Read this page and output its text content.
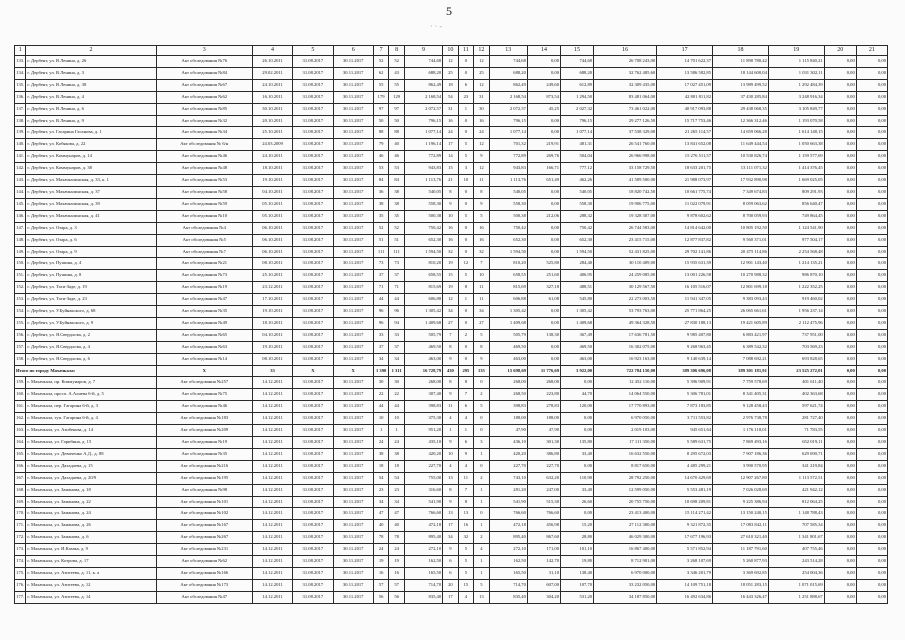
5
· · -
1	2	3	4	5	6	7	8	9	10	11	12	13	14	15	16	17	18	19	20	21
133.	г. Дербент, ул. В.Ленина, д. 26	Акт обследования №76	26.10.2011	31.08.2017	30.11.2017	52	52	744,68	12	0	12	744,68	0,00	744,68	26 708 243,00	14 701 622,37	11 890 780,42	1 115 840,21	0,00	0,00
134.	г. Дербент, ул. В.Ленина, д. 3	Акт обследования №84	29.02.2011	31.08.2017	30.11.2017	62	43	688,20	25	0	25	688,20	0,00	688,20	32 762 485,60	13 586 582,85	18 144 600,04	1 031 302,11	0,00	0,00
135.	г. Дербент, ул. В.Ленина, д. 38	Акт обследования №67	24.10.2011	31.08.2017	30.11.2017	55	55	862,49	18	6	12	862,49	249,60	612,89	32 309 435,00	17 027 451,09	13 989 499,52	1 292 484,39	0,00	0,00
136.	г. Дербент, ул. В.Ленина, д. 4	Акт обследования №62	16.10.2011	31.08.2017	30.11.2017	179	129	2 168,54	54	23	31	2 168,54	873,54	1 294,50	83 481 064,00	42 801 811,82	37 430 285,84	3 248 916,34	0,00	0,00
137.	г. Дербент, ул. В.Ленина, д. 6	Акт обследования №85	30.10.2011	31.08.2017	30.11.2017	97	97	2 072,57	31	1	30	2 072,57	45,25	2 027,32	73 461 022,00	40 917 093,88	29 438 068,35	3 105 849,77	0,00	0,00
138.	г. Дербент, ул. В.Ленина, д. 9	Акт обследования №32	20.10.2011	31.08.2017	30.11.2017	50	50	796,15	16	0	16	796,15	0,00	796,15	29 277 126,50	15 717 753,46	12 366 312,46	1 193 070,58	0,00	0,00
139.	г. Дербент, ул. Гагарина Гасанова, д. 1	Акт обследования №34	25.10.2011	31.08.2017	30.11.2017	88	88	1 077,14	24	0	24	1 077,14	0,00	1 077,14	37 538 329,00	21 265 114,57	14 659 066,28	1 614 148,15	0,00	0,00
140.	г. Дербент, ул. Кобякова, д. 22	Акт обследования № 6/н	24.03.2009	31.08.2017	30.11.2017	79	40	1 196,14	17	5	12	701,32	219,91	481,31	26 541 760,00	13 841 652,08	11 649 444,54	1 050 663,38	0,00	0,00
141.	г. Дербент, ул. Коммунаров, д. 14	Акт обследования №46	24.10.2011	31.08.2017	30.11.2017	46	46	772,89	14	5	9	772,89	269,76	504,04	26 966 998,00	15 276 511,57	10 530 826,74	1 159 577,69	0,00	0,00
142.	г. Дербент, ул. Коммунаров, д. 38	Акт обследования №48	18.10.2011	31.08.2017	30.11.2017	53	53	943,83	15	3	12	943,83	166,71	777,12	33 158 729,50	18 633 201,75	13 111 071,32	1 414 376,45	0,00	0,00
143.	г. Дербент, ул. Махачкалинская, д. 33, к. 1	Акт обследования №53	19.10.2011	31.08.2017	30.11.2017	84	84	1 113,76	21	10	11	1 113,76	651,49	462,26	41 589 500,00	21 988 073,97	17 932 890,98	1 669 025,05	0,00	0,00
144.	г. Дербент, ул. Махачкалинская, д. 37	Акт обследования №58	04.10.2011	31.08.2017	30.11.2017	36	38	540,05	8	0	8	540,05	0,00	540,05	18 820 742,50	10 661 775,74	7 349 674,83	809 291,93	0,00	0,00
145.	г. Дербент, ул. Махачкалинская, д. 39	Акт обследования №59	05.10.2011	31.08.2017	30.11.2017	38	38	558,30	9	0	9	558,30	0,00	558,30	19 906 775,00	11 022 079,91	8 059 063,62	856 640,47	0,00	0,00
146.	г. Дербент, ул. Махачкалинская, д. 41	Акт обследования №10	05.10.2011	31.08.2017	30.11.2017	35	35	500,38	10	5	5	500,38	212,06	288,32	19 328 307,00	9 878 602,62	8 700 059,93	749 864,45	0,00	0,00
147.	г. Дербент, ул. Озара, д. 3	Акт обследования №4	06.10.2011	31.08.2017	30.11.2017	52	52	750,42	16	0	16	750,42	0,00	750,42	26 744 583,00	14 814 642,00	10 805 192,50	1 124 541,90	0,00	0,00
148.	г. Дербент, ул. Озара, д. 6	Акт обследования №5	06.10.2011	31.08.2017	30.11.2017	51	51	652,30	16	0	16	652,30	0,00	652,30	23 415 715,00	12 877 837,82	9 560 371,01	977 504,17	0,00	0,00
149.	г. Дербент, ул. Озара, д. 9	Акт обследования №7	06.10.2011	31.08.2017	30.11.2017	111	111	1 594,50	32	0	32	1 594,50	0,00	1 594,50	52 431 825,00	29 702 141,86	20 475 114,86	2 254 568,48	0,00	0,00
150.	г. Дербент, ул. Пушина, д. 4	Акт обследования №21	08.10.2011	31.08.2017	30.11.2017	73	73	810,20	19	12	7	810,20	525,80	284,40	30 110 409,00	15 935 631,39	12 901 143,40	1 214 135,21	0,00	0,00
151.	г. Дербент, ул. Пушина, д. 8	Акт обследования №73	25.10.2011	31.08.2017	30.11.2017	37	37	658,55	15	5	10	658,55	251,60	406,95	24 259 085,00	13 001 226,58	10 270 988,32	986 870,10	0,00	0,00
152.	г. Дербент, ул. Таги-Заде, д. 19	Акт обследования №19	23.12.2011	31.08.2017	30.11.2017	71	71	815,69	19	8	11	815,69	327,18	488,51	30 129 567,50	16 105 516,07	12 801 699,18	1 222 352,25	0,00	0,00
153.	г. Дербент, ул. Таги-Заде, д. 23	Акт обследования №47	17.10.2011	31.08.2017	30.11.2017	44	44	606,88	12	1	11	606,88	61,08	545,80	22 273 003,50	11 941 347,05	9 383 093,43	919 460,02	0,00	0,00
154.	г. Дербент, ул. У.Буйнакского, д. 68	Акт обследования №35	19.10.2011	31.08.2017	30.11.2017	96	96	1 305,42	34	0	34	1 305,42	0,00	1 305,42	53 793 763,00	25 771 864,25	26 065 661,61	1 956 237,14	0,00	0,00
155.	г. Дербент, ул. У.Буйнакского, д. 9	Акт обследования №49	18.10.2011	31.08.2017	30.11.2017	96	94	1 409,68	27	0	27	1 409,68	0,00	1 409,68	49 364 328,50	27 830 188,13	19 421 605,89	2 112 475,96	0,00	0,00
156.	г. Дербент, ул. Я.Свердлова, д. 2	Акт обследования №65	04.10.2011	31.08.2017	30.11.2017	33	33	505,79	7	2	5	505,79	138,30	367,49	17 636 781,50	9 985 407,80	6 883 421,97	737 951,00	0,00	0,00
157.	г. Дербент, ул. Я.Свердлова, д. 4	Акт обследования №63	19.10.2011	31.08.2017	30.11.2017	37	37	469,50	8	0	8	469,50	0,00	469,50	16 302 075,00	9 268 963,45	6 389 542,32	703 569,23	0,00	0,00
158.	г. Дербент, ул. Я.Свердлова, д. 6	Акт обследования №14	08.10.2011	31.08.2017	30.11.2017	34	34	463,00	9	0	9	463,00	0,00	463,00	16 923 163,00	9 140 639,14	7 088 692,21	693 828,65	0,00	0,00
Итого по городу Махачкала:		X	33	X	X	1 390	1 311	16 728,79	430	295	135	15 698,69	11 776,69	3 922,00	722 784 150,00	389 306 696,08	389 301 181,91	23 525 272,01	0,00	0,00
159.	г. Махачкала, пр. Коммунаров, д. 7	Акт обследования №257	14.12.2011	31.08.2017	30.11.2017	30	30	268,00	8	8	0	268,00	268,00	0,00	12 452 110,00	5 396 909,91	7 759 578,69	401 611,40	0,00	0,00
160.	г. Махачкала, просп. А.Алиева 6-й, д. 5	Акт обследования №75	14.12.2011	31.08.2017	30.11.2017	22	22	307,40	9	7	2	268,50	223,80	44,70	14 064 550,00	5 306 781,01	8 341 405,31	402 363,68	0,00	0,00
161.	г. Махачкала, пер. Гагарина 6-й, д. 3	Акт обследования №46	14.12.2011	31.08.2017	30.11.2017	44	44	398,83	11	6	5	398,83	278,83	120,00	17 770 893,00	7 873 183,85	9 128 458,43	597 621,74	0,00	0,00
162.	г. Махачкала, туп. Гагарина 6-й, д. 4	Акт обследования №183	14.12.2011	31.08.2017	30.11.2017	10	10	375,30	4	4	0	188,00	188,00	0,00	6 970 050,00	3 711 553,82	2 976 738,78	281 727,40	0,00	0,00
163.	г. Махачкала, ул. Азибекова, д. 14	Акт обследования №209	14.12.2011	31.08.2017	30.11.2017	1	1	951,20	1	1	0	47,90	47,90	0,00	2 019 103,00	945 651,64	1 176 118,01	71 783,55	0,00	0,00
164.	г. Махачкала, ул. Гарибина, д. 15	Акт обследования №19	14.12.2011	31.08.2017	30.11.2017	24	24	435,10	9	6	3	436,10	301,30	135,80	17 111 350,00	5 589 631,75	7 869 493,16	652 019,11	0,00	0,00
165.	г. Махачкала, ул. Девиченко А.Д., д. 88	Акт обследования №35	14.12.2011	31.08.2017	30.11.2017	38	38	420,20	10	9	1	420,20	386,80	33,40	16 632 550,00	8 295 672,03	7 907 186,36	629 690,71	0,00	0,00
166.	г. Махачкала, ул. Дахадаева, д. 15	Акт обследования №216	14.12.2011	31.08.2017	30.11.2017	18	18	227,70	4	4	0	227,70	227,70	0,00	8 817 650,00	4 485 299,21	3 990 570,95	341 219,84	0,00	0,00
167.	г. Махачкала, ул. Дахадаева, д. 20/9	Акт обследования №195	14.12.2011	31.08.2017	30.11.2017	54	54	755,00	13	11	2	743,10	632,20	110,90	28 792 250,00	14 670 429,69	12 907 267,80	1 113 572,51	0,00	0,00
168.	г. Махачкала, ул. Заманова, д. 18	Акт обследования №98	14.12.2011	31.08.2017	30.11.2017	23	23	316,60	8	7	1	281,20	247,00	33,40	12 599 050,00	5 553 481,19	7 026 028,69	421 942,12	0,00	0,00
169.	г. Махачкала, ул. Заманова, д. 22	Акт обследования №101	14.12.2011	31.08.2017	30.11.2017	34	34	541,90	9	8	1	541,90	515,30	26,60	20 755 750,00	10 698 209,81	9 225 386,94	812 064,25	0,00	0,00
170.	г. Махачкала, ул. Заманова, д. 24	Акт обследования №102	14.12.2011	31.08.2017	30.11.2017	47	47	766,60	13	13	0	766,60	766,60	0,00	23 413 400,00	15 114 271,42	13 150 240,15	1 148 788,43	0,00	0,00
171.	г. Махачкала, ул. Заманова, д. 26	Акт обследования №167	14.12.2011	31.08.2017	30.11.2017	40	40	472,18	17	16	1	472,18	456,98	15,20	27 112 300,00	9 321 872,35	17 083 842,11	707 585,34	0,00	0,00
172.	г. Махачкала, ул. Заманова, д. 6	Акт обследования №267	14.12.2011	31.08.2017	30.11.2017	78	78	895,40	34	32	2	895,40	867,60	28,80	46 029 300,00	17 677 196,93	27 610 321,40	1 341 801,67	0,00	0,00
173.	г. Махачкала, ул. И.Казака, д. 9	Акт обследования №231	14.12.2011	31.08.2017	30.11.2017	24	24	272,10	9	5	4	272,10	171,00	101,10	16 867 400,00	5 571 852,94	11 187 791,60	407 755,46	0,00	0,00
174.	г. Махачкала, ул. Котрова, д. 17	Акт обследования №62	14.12.2011	31.08.2017	30.11.2017	19	19	162,50	6	5	1	162,50	142,70	19,80	8 712 901,00	3 268 107,69	5 260 877,93	243 514,28	0,00	0,00
175.	г. Махачкала, ул. Азитеева, д. 11, к. а	Акт обследования №166	14.12.2011	31.08.2017	30.11.2017	16	16	165,50	6	5	1	165,50	31,10	138,40	6 970 000,00	3 346 201,79	3 369 692,85	254 004,36	0,00	0,00
176.	г. Махачкала, ул. Азитеева, д. 12	Акт обследования №173	14.12.2011	31.08.2017	30.11.2017	57	57	714,70	20	15	5	714,70	607,00	107,70	33 232 050,00	14 109 751,18	18 051 283,15	1 071 015,69	0,00	0,00
177.	г. Махачкала, ул. Азитеева, д. 14	Акт обследования №47	14.12.2011	31.08.2017	30.11.2017	56	56	835,40	17	4	13	835,40	304,20	531,20	34 187 850,00	16 492 634,86	16 443 326,47	1 251 888,67	0,00	0,00
